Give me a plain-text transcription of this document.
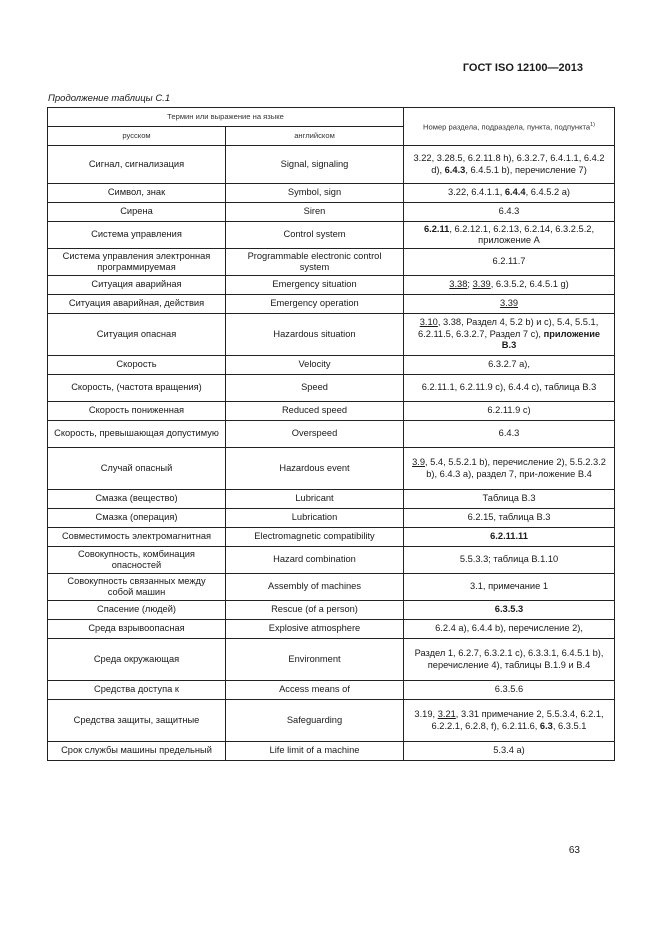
ГОСТ ISO 12100—2013
Продолжение таблицы С.1
Термин или выражение на языке		Номер раздела, подраздела, пункта, подпункта$^{1)}$
русском	английском	
Сигнал, сигнализация	Signal, signaling	3.22, 3.28.5, 6.2.11.8 h), 6.3.2.7, 6.4.1.1, 6.4.2 d), 6.4.3, 6.4.5.1 b), перечисление 7)
Символ, знак	Symbol, sign	3.22, 6.4.1.1, 6.4.4, 6.4.5.2 a)
Сирена	Siren	6.4.3
Система управления	Control system	6.2.11, 6.2.12.1, 6.2.13, 6.2.14, 6.3.2.5.2, приложение A
Система управления электронная программируемая	Programmable electronic control system	6.2.11.7
Ситуация аварийная	Emergency situation	3.38; 3.39, 6.3.5.2, 6.4.5.1 g)
Ситуация аварийная, действия	Emergency operation	3.39
Ситуация опасная	Hazardous situation	3.10, 3.38, Раздел 4, 5.2 b) и c), 5.4, 5.5.1, 6.2.11.5, 6.3.2.7, Раздел 7 c), приложение В.3
Скорость	Velocity	6.3.2.7 a),
Скорость, (частота вращения)	Speed	6.2.11.1, 6.2.11.9 c), 6.4.4 c), таблица В.3
Скорость пониженная	Reduced speed	6.2.11.9 c)
Скорость, превышающая допустимую	Overspeed	6.4.3
Случай опасный	Hazardous event	3.9, 5.4, 5.5.2.1 b), перечисление 2), 5.5.2.3.2 b), 6.4.3 a), раздел 7, при-ложение В.4
Смазка (вещество)	Lubricant	Таблица В.3
Смазка (операция)	Lubrication	6.2.15, таблица В.3
Совместимость электромагнитная	Electromagnetic compatibility	6.2.11.11
Совокупность, комбинация опасностей	Hazard combination	5.5.3.3; таблица В.1.10
Совокупность связанных между собой машин	Assembly of machines	3.1, примечание 1
Спасение (людей)	Rescue (of a person)	6.3.5.3
Среда взрывоопасная	Explosive atmosphere	6.2.4 a), 6.4.4 b), перечисление 2),
Среда окружающая	Environment	Раздел 1, 6.2.7, 6.3.2.1 c), 6.3.3.1, 6.4.5.1 b), перечисление 4), таблицы В.1.9 и В.4
Средства доступа к	Access means of	6.3.5.6
Средства защиты, защитные	Safeguarding	3.19, 3.21, 3.31 примечание 2, 5.5.3.4, 6.2.1, 6.2.2.1, 6.2.8, f), 6.2.11.6, 6.3, 6.3.5.1
Срок службы машины предельный	Life limit of a machine	5.3.4 a)
63
